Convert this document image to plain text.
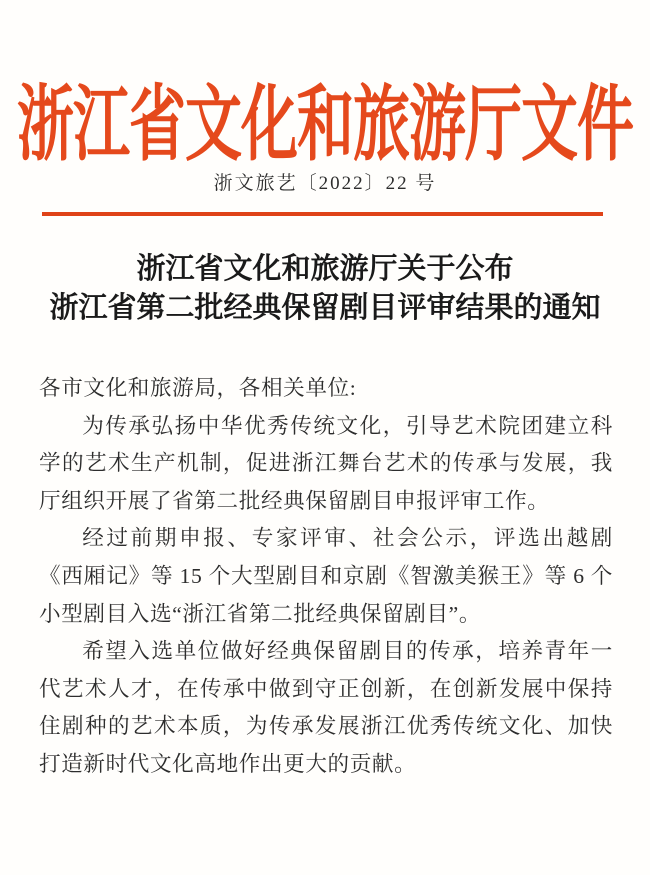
浙江省文化和旅游厅文件
浙文旅艺〔2022〕22 号
浙江省文化和旅游厅关于公布
浙江省第二批经典保留剧目评审结果的通知

各市文化和旅游局，各相关单位:

为传承弘扬中华优秀传统文化，引导艺术院团建立科学的艺术生产机制，促进浙江舞台艺术的传承与发展，我厅组织开展了省第二批经典保留剧目申报评审工作。

经过前期申报、专家评审、社会公示，评选出越剧《西厢记》等 15 个大型剧目和京剧《智激美猴王》等 6 个小型剧目入选“浙江省第二批经典保留剧目”。

希望入选单位做好经典保留剧目的传承，培养青年一代艺术人才，在传承中做到守正创新，在创新发展中保持住剧种的艺术本质，为传承发展浙江优秀传统文化、加快打造新时代文化高地作出更大的贡献。
